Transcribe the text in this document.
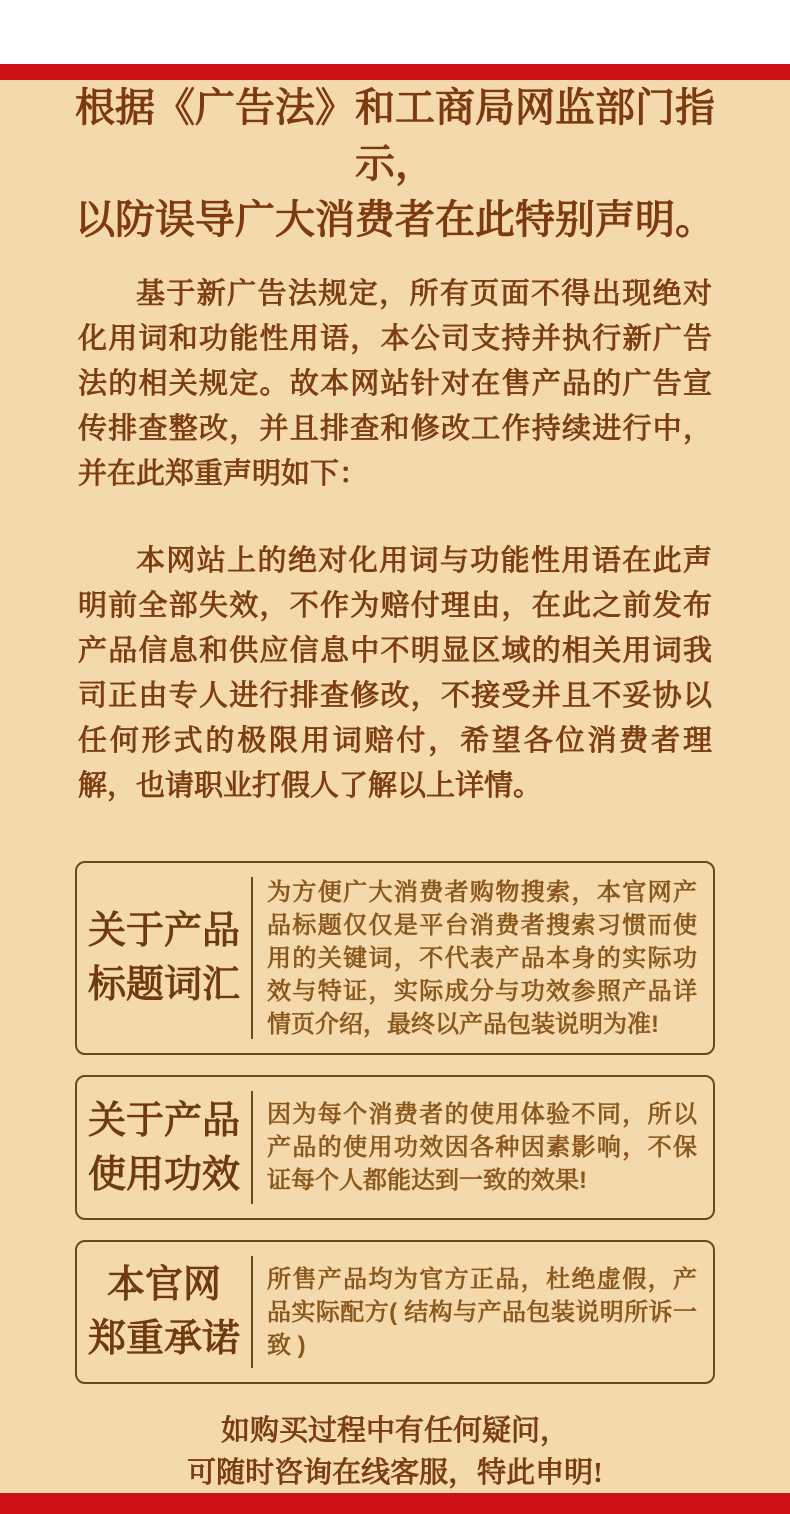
根据《广告法》和工商局网监部门指示，
以防误导广大消费者在此特别声明。

基于新广告法规定，所有页面不得出现绝对化用词和功能性用语，本公司支持并执行新广告法的相关规定。故本网站针对在售产品的广告宣传排查整改，并且排查和修改工作持续进行中，并在此郑重声明如下：

本网站上的绝对化用词与功能性用语在此声明前全部失效，不作为赔付理由，在此之前发布产品信息和供应信息中不明显区域的相关用词我司正由专人进行排查修改，不接受并且不妥协以任何形式的极限用词赔付，希望各位消费者理解，也请职业打假人了解以上详情。

关于产品
标题词汇
为方便广大消费者购物搜索，本官网产品标题仅仅是平台消费者搜索习惯而使用的关键词，不代表产品本身的实际功效与特证，实际成分与功效参照产品详情页介绍，最终以产品包装说明为准!
关于产品
使用功效
因为每个消费者的使用体验不同，所以产品的使用功效因各种因素影响，不保证每个人都能达到一致的效果!
本官网
郑重承诺
所售产品均为官方正品，杜绝虚假，产品实际配方( 结构与产品包装说明所诉一致 )
如购买过程中有任何疑问，
可随时咨询在线客服，特此申明!
